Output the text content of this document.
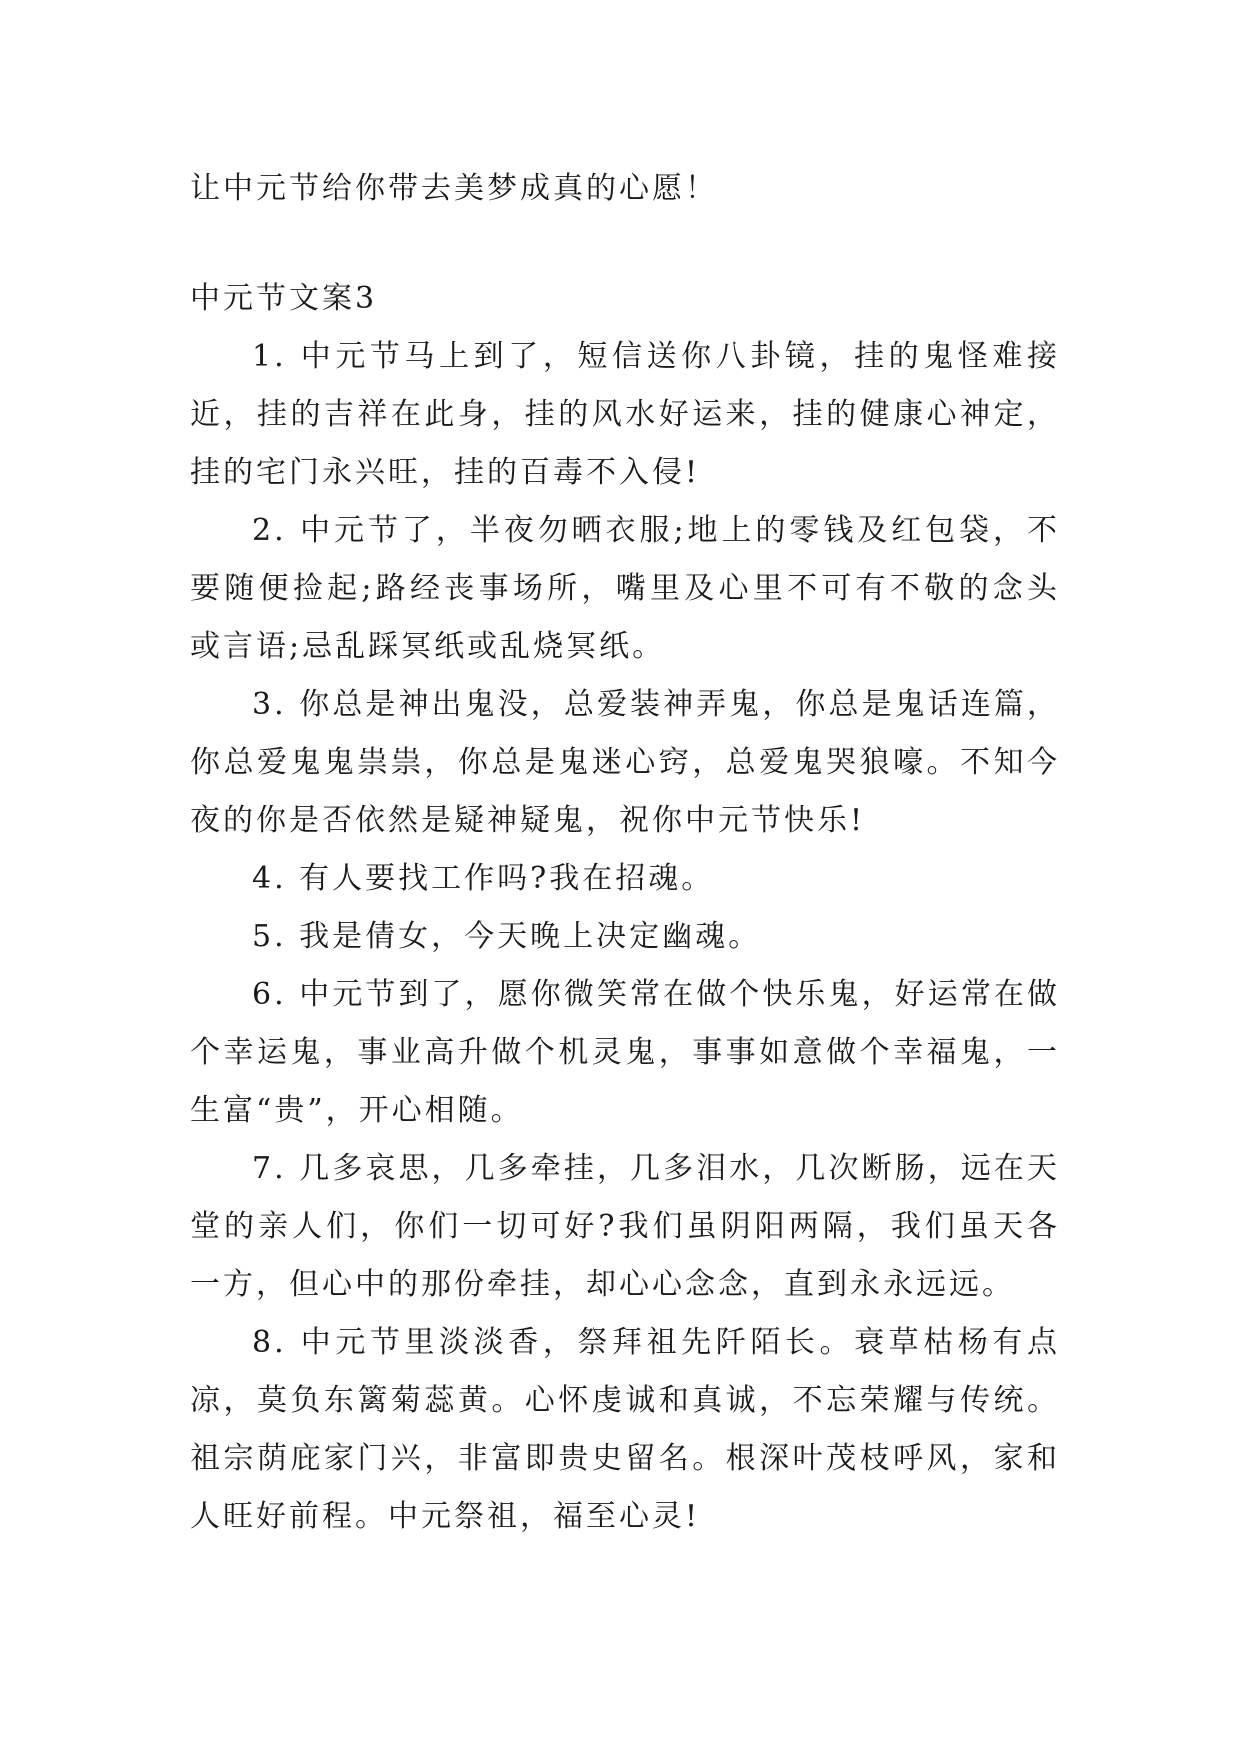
让中元节给你带去美梦成真的心愿！

中元节文案3

1. 中元节马上到了，短信送你八卦镜，挂的鬼怪难接近，挂的吉祥在此身，挂的风水好运来，挂的健康心神定，挂的宅门永兴旺，挂的百毒不入侵!

2. 中元节了，半夜勿晒衣服;地上的零钱及红包袋，不要随便捡起;路经丧事场所，嘴里及心里不可有不敬的念头或言语;忌乱踩冥纸或乱烧冥纸。

3. 你总是神出鬼没，总爱装神弄鬼，你总是鬼话连篇，你总爱鬼鬼祟祟，你总是鬼迷心窍，总爱鬼哭狼嚎。不知今夜的你是否依然是疑神疑鬼，祝你中元节快乐!

4. 有人要找工作吗?我在招魂。

5. 我是倩女，今天晚上决定幽魂。

6. 中元节到了，愿你微笑常在做个快乐鬼，好运常在做个幸运鬼，事业高升做个机灵鬼，事事如意做个幸福鬼，一生富“贵”，开心相随。

7. 几多哀思，几多牵挂，几多泪水，几次断肠，远在天堂的亲人们，你们一切可好?我们虽阴阳两隔，我们虽天各一方，但心中的那份牵挂，却心心念念，直到永永远远。

8. 中元节里淡淡香，祭拜祖先阡陌长。衰草枯杨有点凉，莫负东篱菊蕊黄。心怀虔诚和真诚，不忘荣耀与传统。祖宗荫庇家门兴，非富即贵史留名。根深叶茂枝呼风，家和人旺好前程。中元祭祖，福至心灵!
